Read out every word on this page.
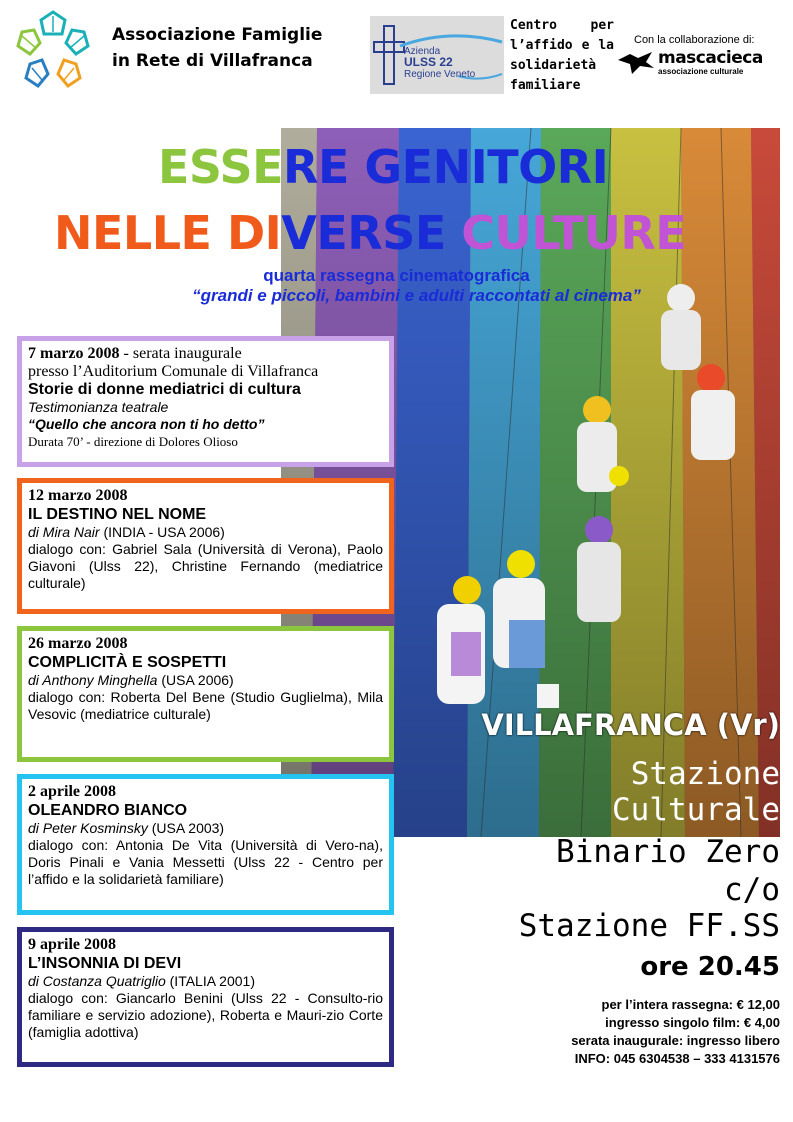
Associazione Famiglie
in Rete di Villafranca	Azienda
ULSS 22
Regione Veneto
Centro per
l’affido e la
solidarietà
familiare
Con la collaborazione di:
mascacieca
associazione culturale
ESSERE GENITORI
NELLE DIVERSE CULTURE
quarta rassegna cinematografica
“grandi e piccoli, bambini e adulti raccontati al cinema”
7 marzo 2008 - serata inaugurale
presso l’Auditorium Comunale di Villafranca
Storie di donne mediatrici di cultura
Testimonianza teatrale
“Quello che ancora non ti ho detto”
Durata 70’ - direzione di Dolores Olioso
12 marzo 2008
IL DESTINO NEL NOME
di Mira Nair (INDIA - USA 2006)
dialogo con: Gabriel Sala (Università di Verona), Paolo Giavoni (Ulss 22), Christine Fernando (mediatrice culturale)
26 marzo 2008
COMPLICITÀ E SOSPETTI
di Anthony Minghella (USA 2006)
dialogo con: Roberta Del Bene (Studio Guglielma), Mila Vesovic (mediatrice culturale)
2 aprile 2008
OLEANDRO BIANCO
di Peter Kosminsky (USA 2003)
dialogo con: Antonia De Vita (Università di Vero-na), Doris Pinali e Vania Messetti (Ulss 22 - Centro per l’affido e la solidarietà familiare)
9 aprile 2008
L’INSONNIA DI DEVI
di Costanza Quatriglio (ITALIA 2001)
dialogo con: Giancarlo Benini (Ulss 22 - Consulto-rio familiare e servizio adozione), Roberta e Mauri-zio Corte (famiglia adottiva)
VILLAFRANCA (Vr)
Stazione
Culturale
Binario Zero
c/o
Stazione FF.SS
ore 20.45
per l’intera rassegna: € 12,00
ingresso singolo film: € 4,00
serata inaugurale: ingresso libero
INFO: 045 6304538 – 333 4131576
